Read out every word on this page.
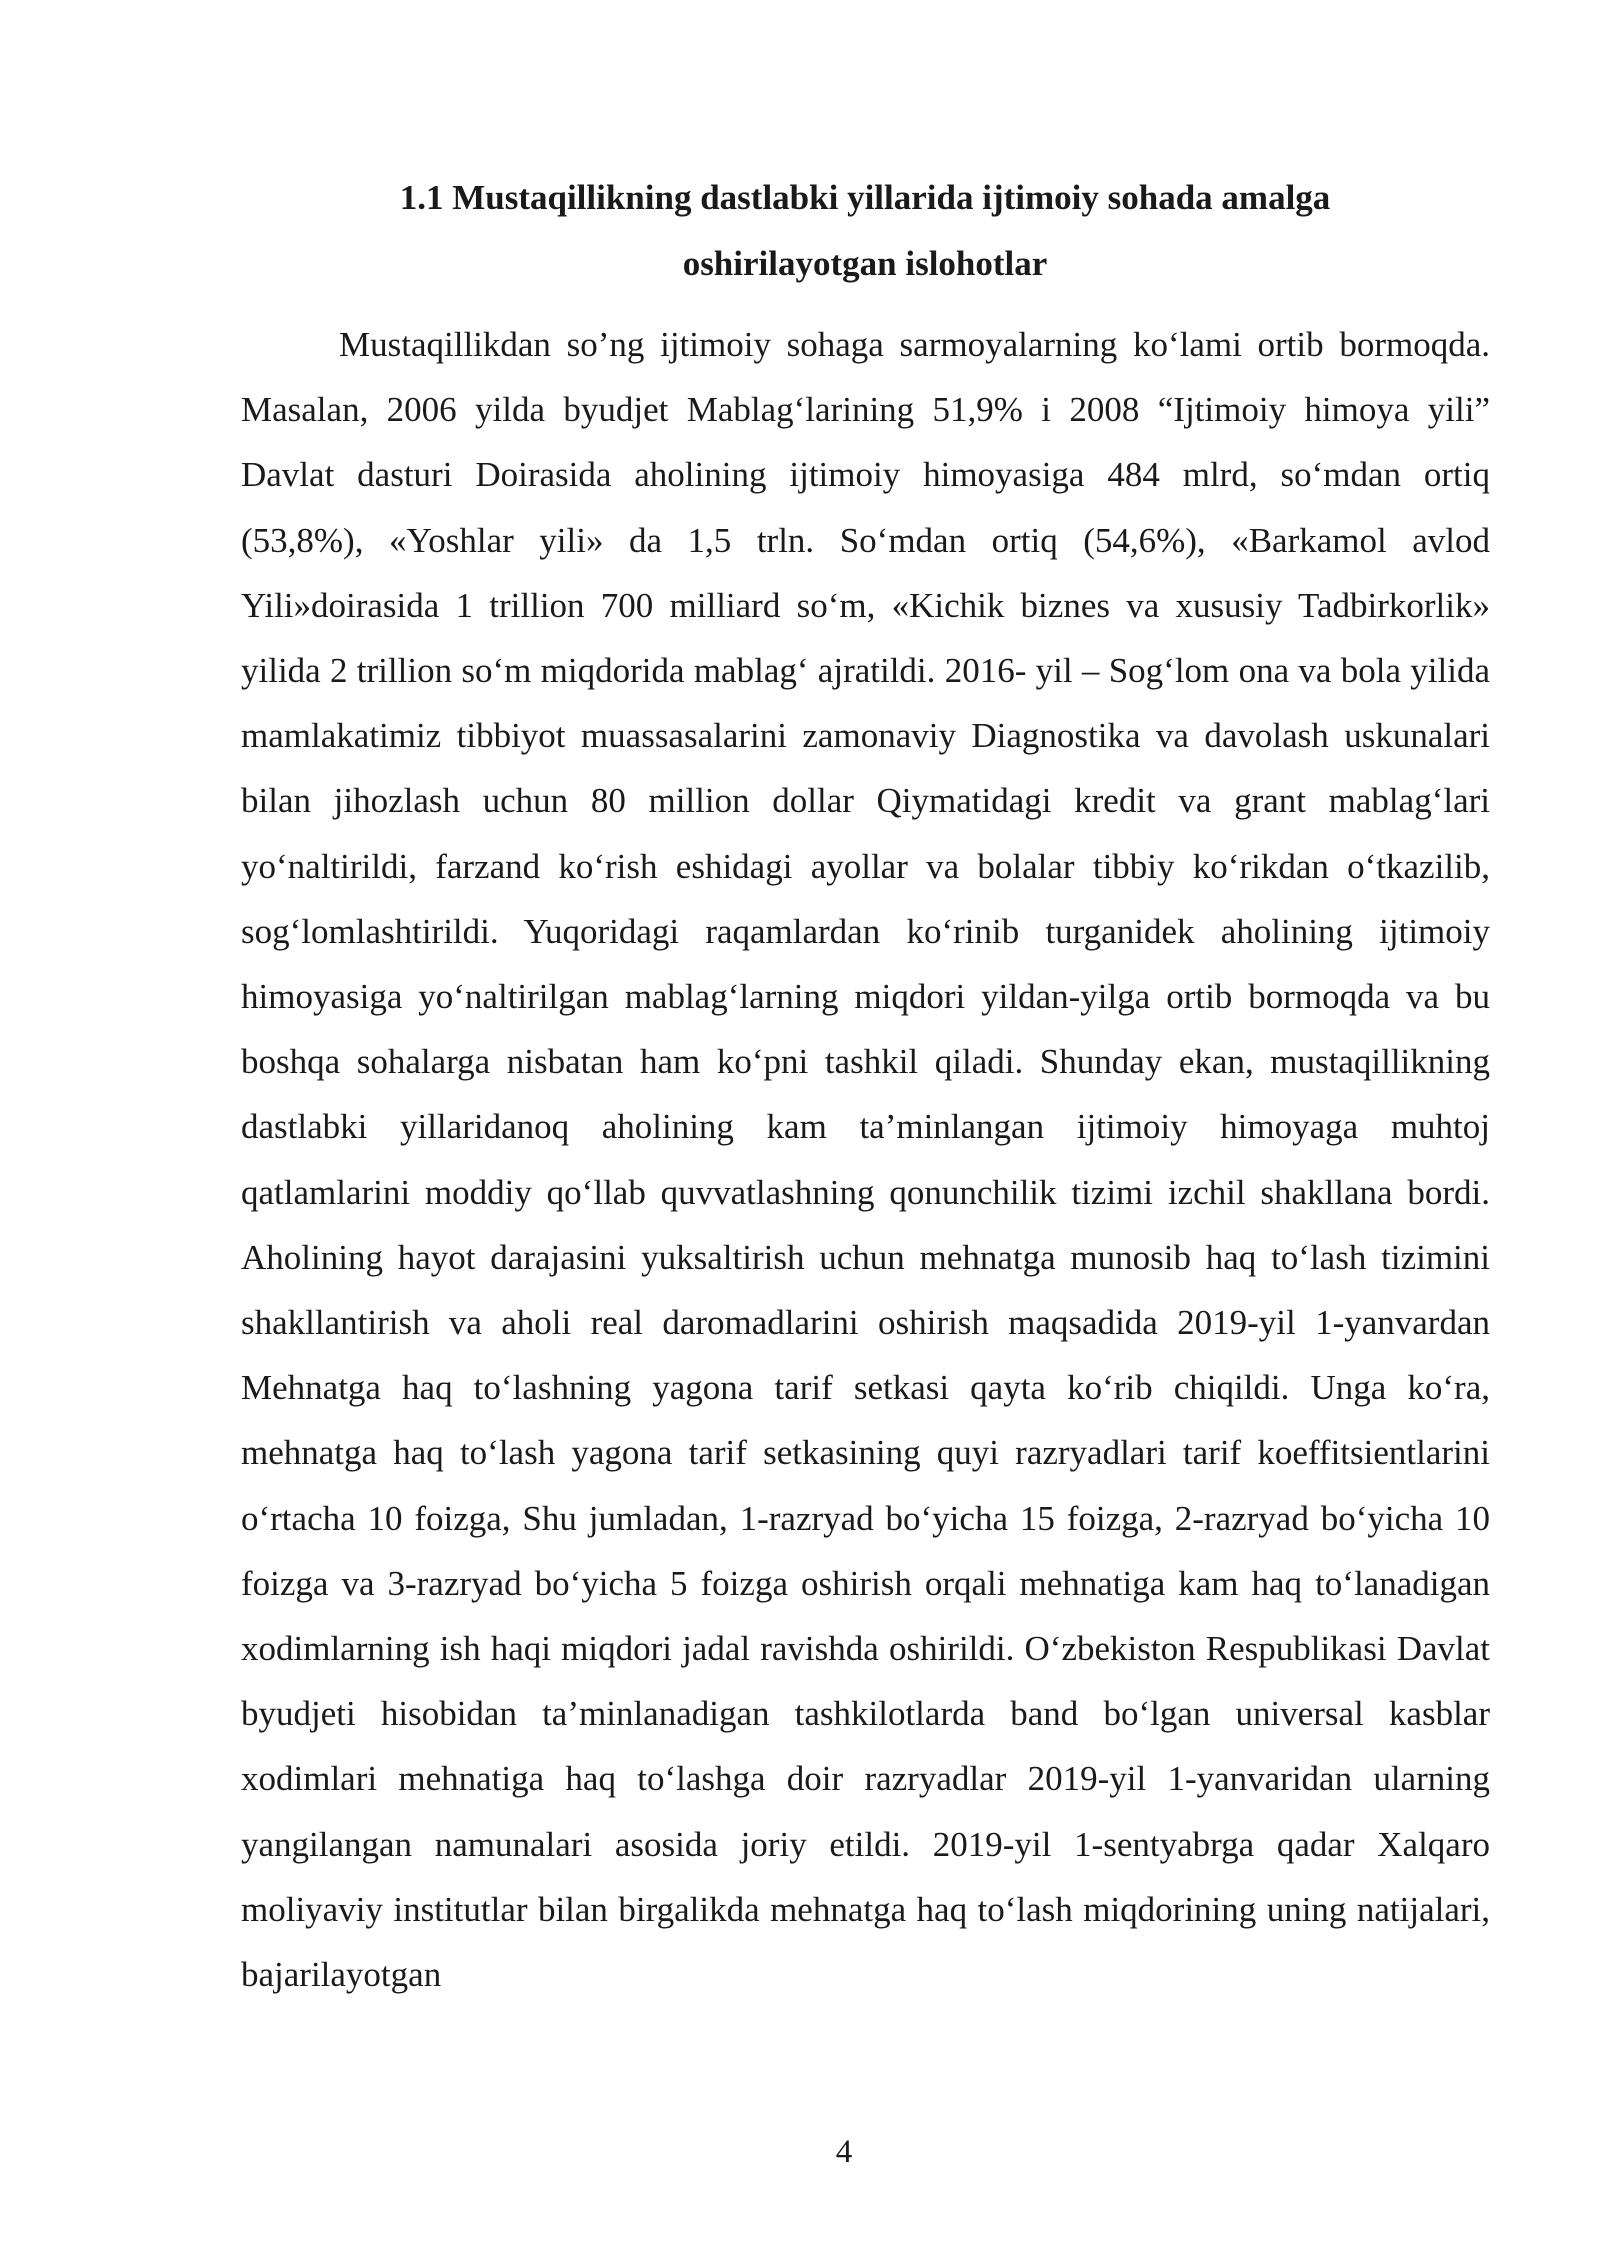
1.1 Mustaqillikning dastlabki yillarida ijtimoiy sohada amalga
oshirilayotgan islohotlar

Mustaqillikdan so’ng ijtimoiy sohaga sarmoyalarning ko‘lami ortib bormoqda. Masalan, 2006 yilda byudjet Mablag‘larining 51,9% i 2008 “Ijtimoiy himoya yili” Davlat dasturi Doirasida aholining ijtimoiy himoyasiga 484 mlrd, so‘mdan ortiq (53,8%), «Yoshlar yili» da 1,5 trln. So‘mdan ortiq (54,6%), «Barkamol avlod Yili»doirasida 1 trillion 700 milliard so‘m, «Kichik biznes va xususiy Tadbirkorlik» yilida 2 trillion so‘m miqdorida mablag‘ ajratildi. 2016- yil – Sog‘lom ona va bola yilida mamlakatimiz tibbiyot muassasalarini zamonaviy Diagnostika va davolash uskunalari bilan jihozlash uchun 80 million dollar Qiymatidagi kredit va grant mablag‘lari yo‘naltirildi, farzand ko‘rish eshidagi ayollar va bolalar tibbiy ko‘rikdan o‘tkazilib, sog‘lomlashtirildi. Yuqoridagi raqamlardan ko‘rinib turganidek aholining ijtimoiy himoyasiga yo‘naltirilgan mablag‘larning miqdori yildan-yilga ortib bormoqda va bu boshqa sohalarga nisbatan ham ko‘pni tashkil qiladi. Shunday ekan, mustaqillikning dastlabki yillaridanoq aholining kam ta’minlangan ijtimoiy himoyaga muhtoj qatlamlarini moddiy qo‘llab quvvatlashning qonunchilik tizimi izchil shakllana bordi. Aholining hayot darajasini yuksaltirish uchun mehnatga munosib haq to‘lash tizimini shakllantirish va aholi real daromadlarini oshirish maqsadida 2019-yil 1-yanvardan Mehnatga haq to‘lashning yagona tarif setkasi qayta ko‘rib chiqildi. Unga ko‘ra, mehnatga haq to‘lash yagona tarif setkasining quyi razryadlari tarif koeffitsientlarini o‘rtacha 10 foizga, Shu jumladan, 1-razryad bo‘yicha 15 foizga, 2-razryad bo‘yicha 10 foizga va 3-razryad bo‘yicha 5 foizga oshirish orqali mehnatiga kam haq to‘lanadigan xodimlarning ish haqi miqdori jadal ravishda oshirildi. O‘zbekiston Respublikasi Davlat byudjeti hisobidan ta’minlanadigan tashkilotlarda band bo‘lgan universal kasblar xodimlari mehnatiga haq to‘lashga doir razryadlar 2019-yil 1-yanvaridan ularning yangilangan namunalari asosida joriy etildi. 2019-yil 1-sentyabrga qadar Xalqaro moliyaviy institutlar bilan birgalikda mehnatga haq to‘lash miqdorining uning natijalari, bajarilayotgan

4
